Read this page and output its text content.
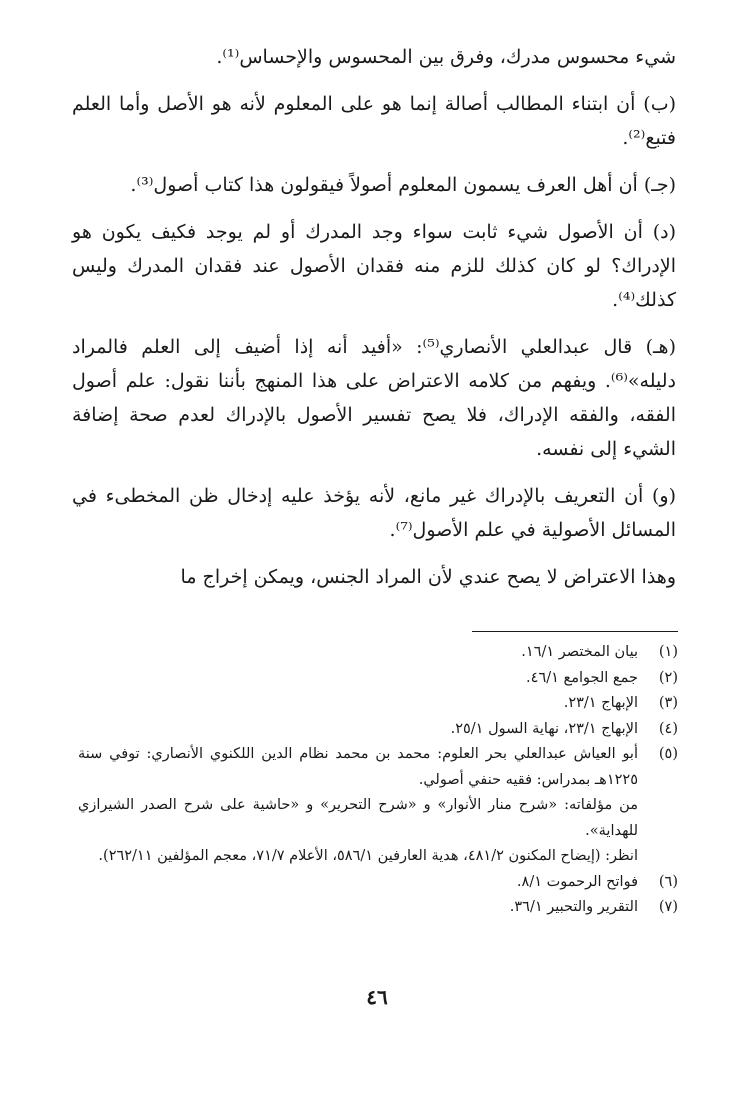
شيء محسوس مدرك، وفرق بين المحسوس والإحساس⁽¹⁾.

(ب) أن ابتناء المطالب أصالة إنما هو على المعلوم لأنه هو الأصل وأما العلم فتبع⁽²⁾.

(جـ) أن أهل العرف يسمون المعلوم أصولاً فيقولون هذا كتاب أصول⁽³⁾.

(د) أن الأصول شيء ثابت سواء وجد المدرك أو لم يوجد فكيف يكون هو الإدراك؟ لو كان كذلك للزم منه فقدان الأصول عند فقدان المدرك وليس كذلك⁽⁴⁾.

(هـ) قال عبدالعلي الأنصاري⁽⁵⁾: «أفيد أنه إذا أضيف إلى العلم فالمراد دليله»⁽⁶⁾. ويفهم من كلامه الاعتراض على هذا المنهج بأننا نقول: علم أصول الفقه، والفقه الإدراك، فلا يصح تفسير الأصول بالإدراك لعدم صحة إضافة الشيء إلى نفسه.

(و) أن التعريف بالإدراك غير مانع، لأنه يؤخذ عليه إدخال ظن المخطىء في المسائل الأصولية في علم الأصول⁽⁷⁾.

وهذا الاعتراض لا يصح عندي لأن المراد الجنس، ويمكن إخراج ما

(١)
بيان المختصر ١٦/١.
(٢)
جمع الجوامع ٤٦/١.
(٣)
الإبهاج ٢٣/١.
(٤)
الإبهاج ٢٣/١، نهاية السول ٢٥/١.
(٥)
أبو العياش عبدالعلي بحر العلوم: محمد بن محمد نظام الدين اللكنوي الأنصاري: توفي سنة ١٢٢٥هـ بمدراس: فقيه حنفي أصولي.
من مؤلفاته: «شرح منار الأنوار» و «شرح التحرير» و «حاشية على شرح الصدر الشيرازي للهداية».
انظر: (إيضاح المكنون ٤٨١/٢، هدية العارفين ٥٨٦/١، الأعلام ٧١/٧، معجم المؤلفين ٢٦٢/١١).
(٦)
فواتح الرحموت ٨/١.
(٧)
التقرير والتحبير ٣٦/١.
٤٦
